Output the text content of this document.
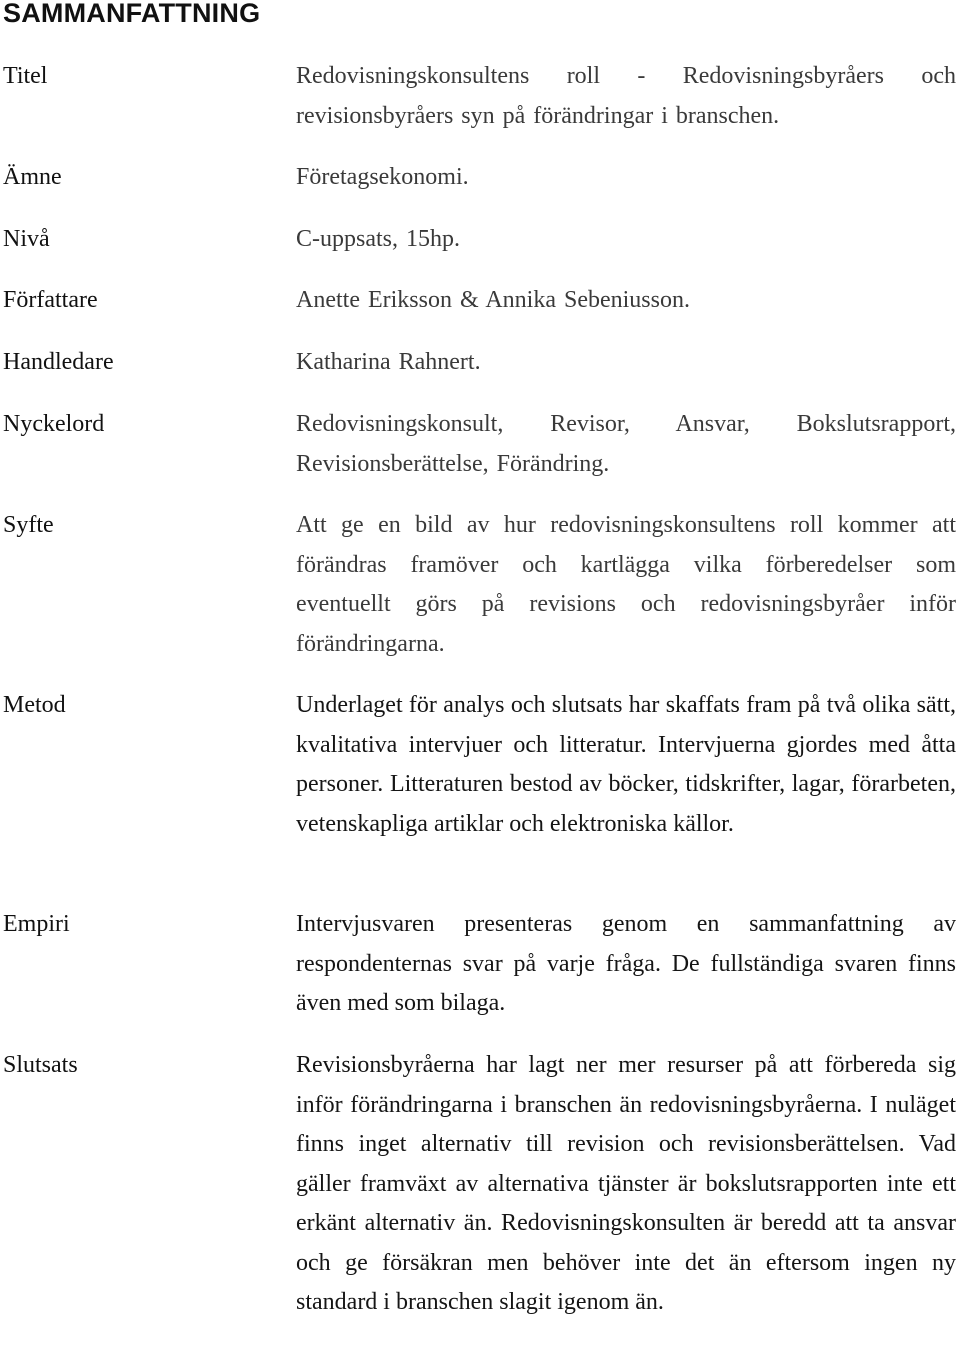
SAMMANFATTNING
Titel	Redovisningskonsultens roll - Redovisningsbyråers och revisionsbyråers syn på förändringar i branschen.
Ämne	Företagsekonomi.
Nivå	C-uppsats, 15hp.
Författare	Anette Eriksson & Annika Sebeniusson.
Handledare	Katharina Rahnert.
Nyckelord	Redovisningskonsult, Revisor, Ansvar, Bokslutsrapport, Revisionsberättelse, Förändring.
Syfte	Att ge en bild av hur redovisningskonsultens roll kommer att förändras framöver och kartlägga vilka förberedelser som eventuellt görs på revisions och redovisningsbyråer inför förändringarna.
Metod	Underlaget för analys och slutsats har skaffats fram på två olika sätt, kvalitativa intervjuer och litteratur. Intervjuerna gjordes med åtta personer. Litteraturen bestod av böcker, tidskrifter, lagar, förarbeten, vetenskapliga artiklar och elektroniska källor.
Empiri	Intervjusvaren presenteras genom en sammanfattning av respondenternas svar på varje fråga. De fullständiga svaren finns även med som bilaga.
Slutsats	Revisionsbyråerna har lagt ner mer resurser på att förbereda sig inför förändringarna i branschen än redovisningsbyråerna. I nuläget finns inget alternativ till revision och revisionsberättelsen. Vad gäller framväxt av alternativa tjänster är bokslutsrapporten inte ett erkänt alternativ än. Redovisningskonsulten är beredd att ta ansvar och ge försäkran men behöver inte det än eftersom ingen ny standard i branschen slagit igenom än.
